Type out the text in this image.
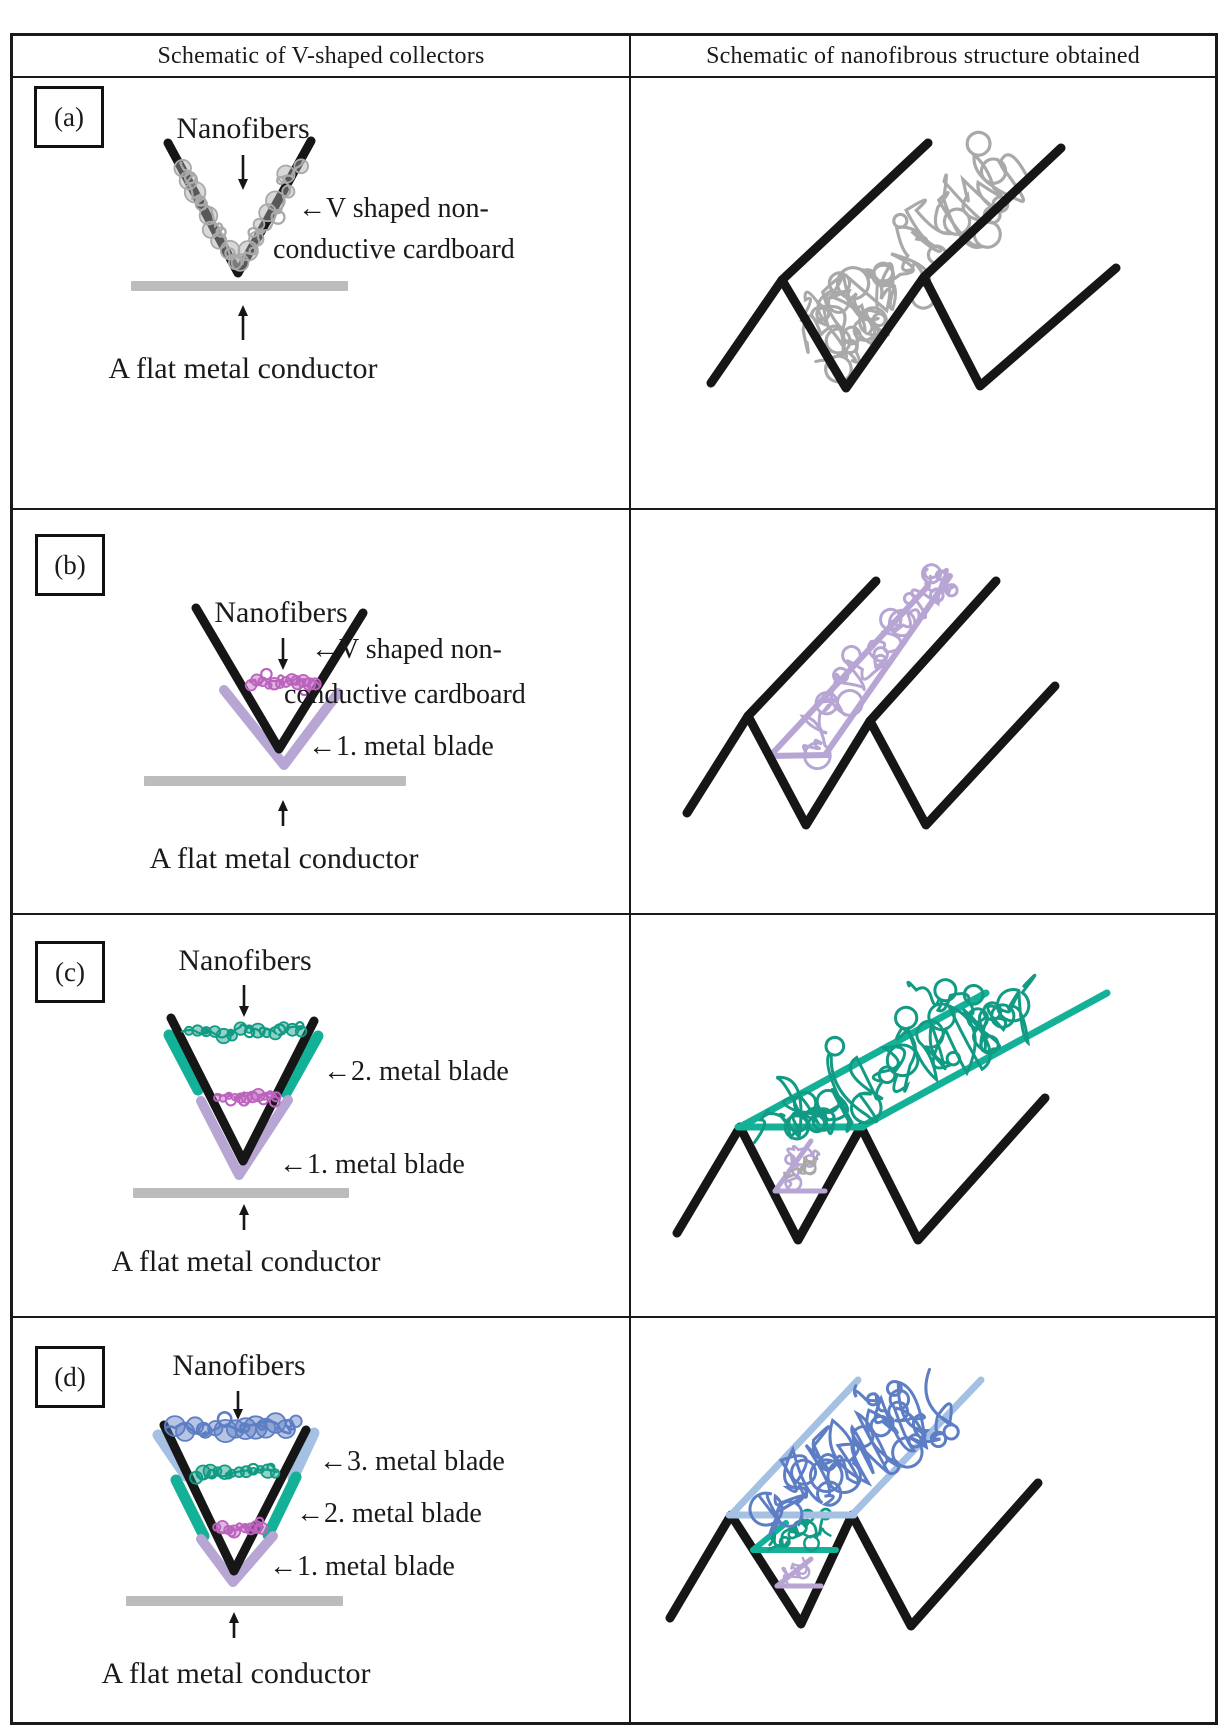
Schematic of V-shaped collectors	Schematic of nanofibrous structure obtained
(a)	Nanofibers
←V shaped non-
conductive cardboard
A flat metal conductor
(b)
Nanofibers
←V shaped non-
conductive cardboard
←1. metal blade
A flat metal conductor
(c)	Nanofibers
←2. metal blade
←1. metal blade
A flat metal conductor
(d)	Nanofibers
←3. metal blade
←2. metal blade
←1. metal blade
A flat metal conductor
